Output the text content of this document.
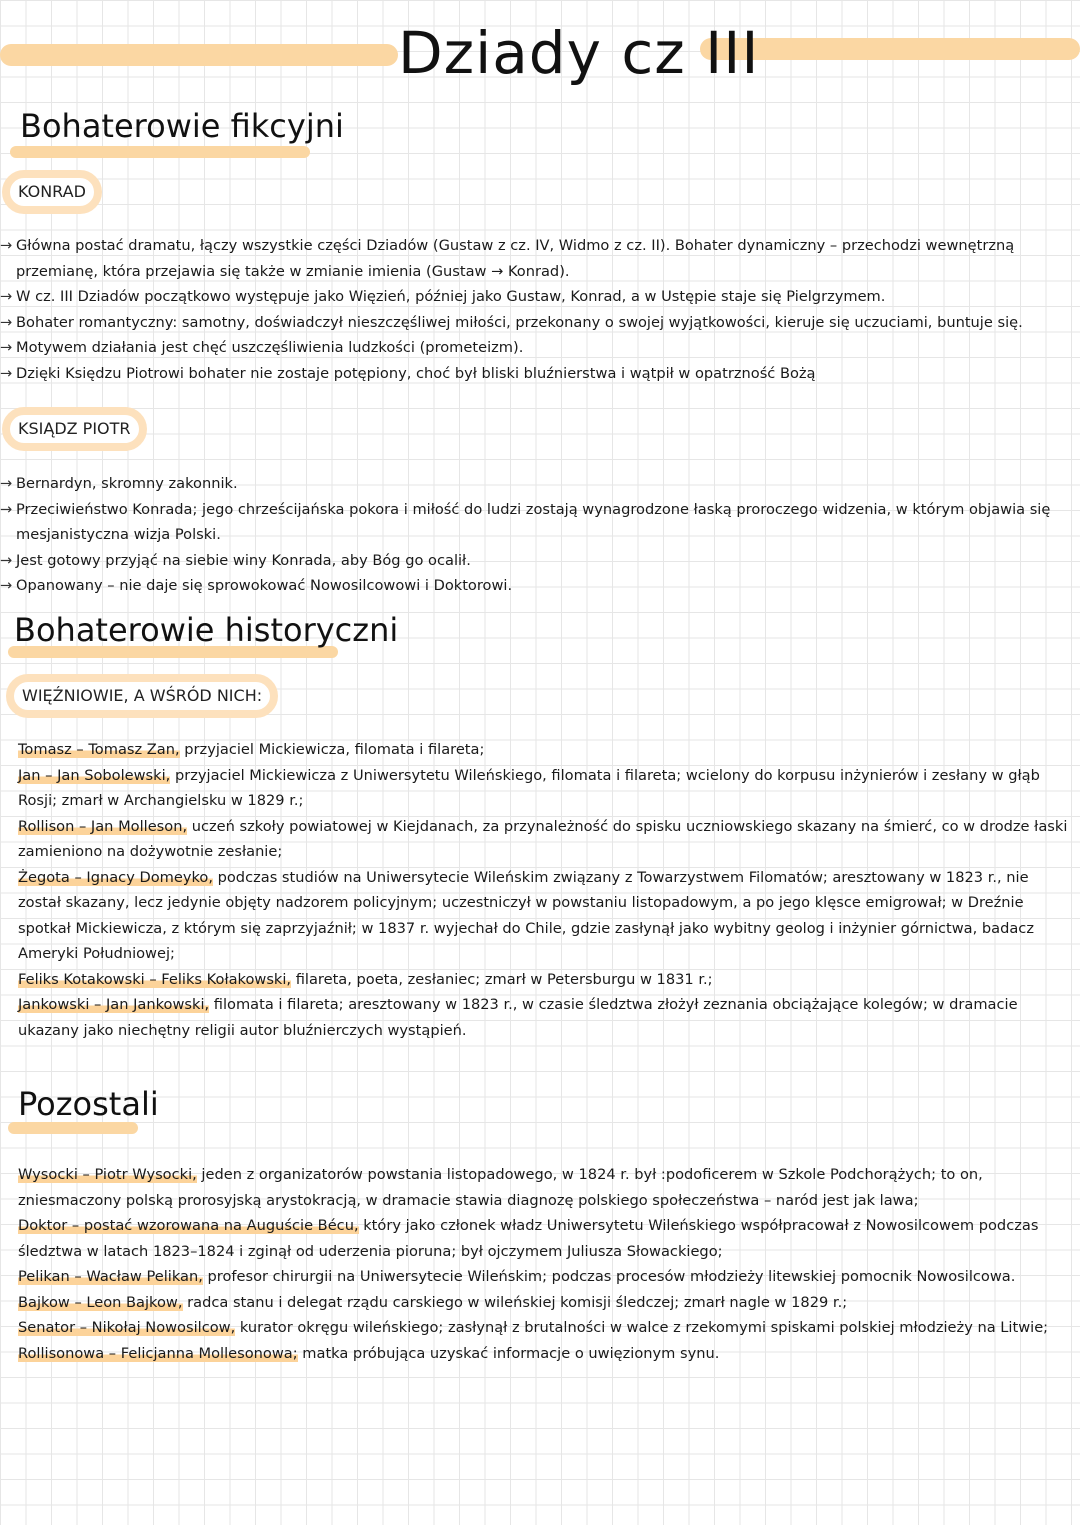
Dziady cz III
Bohaterowie fikcyjni
KONRAD
→ Główna postać dramatu, łączy wszystkie części Dziadów (Gustaw z cz. IV, Widmo z cz. II). Bohater dynamiczny – przechodzi wewnętrzną przemianę, która przejawia się także w zmianie imienia (Gustaw → Konrad).
→ W cz. III Dziadów początkowo występuje jako Więzień, później jako Gustaw, Konrad, a w Ustępie staje się Pielgrzymem.
→ Bohater romantyczny: samotny, doświadczył nieszczęśliwej miłości, przekonany o swojej wyjątkowości, kieruje się uczuciami, buntuje się.
→ Motywem działania jest chęć uszczęśliwienia ludzkości (prometeizm).
→ Dzięki Księdzu Piotrowi bohater nie zostaje potępiony, choć był bliski bluźnierstwa i wątpił w opatrzność Bożą
KSIĄDZ PIOTR
→ Bernardyn, skromny zakonnik.
→ Przeciwieństwo Konrada; jego chrześcijańska pokora i miłość do ludzi zostają wynagrodzone łaską proroczego widzenia, w którym objawia się mesjanistyczna wizja Polski.
→ Jest gotowy przyjąć na siebie winy Konrada, aby Bóg go ocalił.
→ Opanowany – nie daje się sprowokować Nowosilcowowi i Doktorowi.
Bohaterowie historyczni
WIĘŹNIOWIE, A WŚRÓD NICH:
Tomasz – Tomasz Zan, przyjaciel Mickiewicza, filomata i filareta;
Jan – Jan Sobolewski, przyjaciel Mickiewicza z Uniwersytetu Wileńskiego, filomata i filareta; wcielony do korpusu inżynierów i zesłany w głąb Rosji; zmarł w Archangielsku w 1829 r.;
Rollison – Jan Molleson, uczeń szkoły powiatowej w Kiejdanach, za przynależność do spisku uczniowskiego skazany na śmierć, co w drodze łaski zamieniono na dożywotnie zesłanie;
Żegota – Ignacy Domeyko, podczas studiów na Uniwersytecie Wileńskim związany z Towarzystwem Filomatów; aresztowany w 1823 r., nie został skazany, lecz jedynie objęty nadzorem policyjnym; uczestniczył w powstaniu listopadowym, a po jego klęsce emigrował; w Dreźnie spotkał Mickiewicza, z którym się zaprzyjaźnił; w 1837 r. wyjechał do Chile, gdzie zasłynął jako wybitny geolog i inżynier górnictwa, badacz Ameryki Południowej;
Feliks Kotakowski – Feliks Kołakowski, filareta, poeta, zesłaniec; zmarł w Petersburgu w 1831 r.;
Jankowski – Jan Jankowski, filomata i filareta; aresztowany w 1823 r., w czasie śledztwa złożył zeznania obciążające kolegów; w dramacie ukazany jako niechętny religii autor bluźnierczych wystąpień.
Pozostali
Wysocki – Piotr Wysocki, jeden z organizatorów powstania listopadowego, w 1824 r. był :podoficerem w Szkole Podchorążych; to on, zniesmaczony polską prorosyjską arystokracją, w dramacie stawia diagnozę polskiego społeczeństwa – naród jest jak lawa;
Doktor – postać wzorowana na Auguście Bécu, który jako członek władz Uniwersytetu Wileńskiego współpracował z Nowosilcowem podczas śledztwa w latach 1823–1824 i zginął od uderzenia pioruna; był ojczymem Juliusza Słowackiego;
Pelikan – Wacław Pelikan, profesor chirurgii na Uniwersytecie Wileńskim; podczas procesów młodzieży litewskiej pomocnik Nowosilcowa.
Bajkow – Leon Bajkow, radca stanu i delegat rządu carskiego w wileńskiej komisji śledczej; zmarł nagle w 1829 r.;
Senator – Nikołaj Nowosilcow, kurator okręgu wileńskiego; zasłynął z brutalności w walce z rzekomymi spiskami polskiej młodzieży na Litwie;
Rollisonowa – Felicjanna Mollesonowa; matka próbująca uzyskać informacje o uwięzionym synu.
